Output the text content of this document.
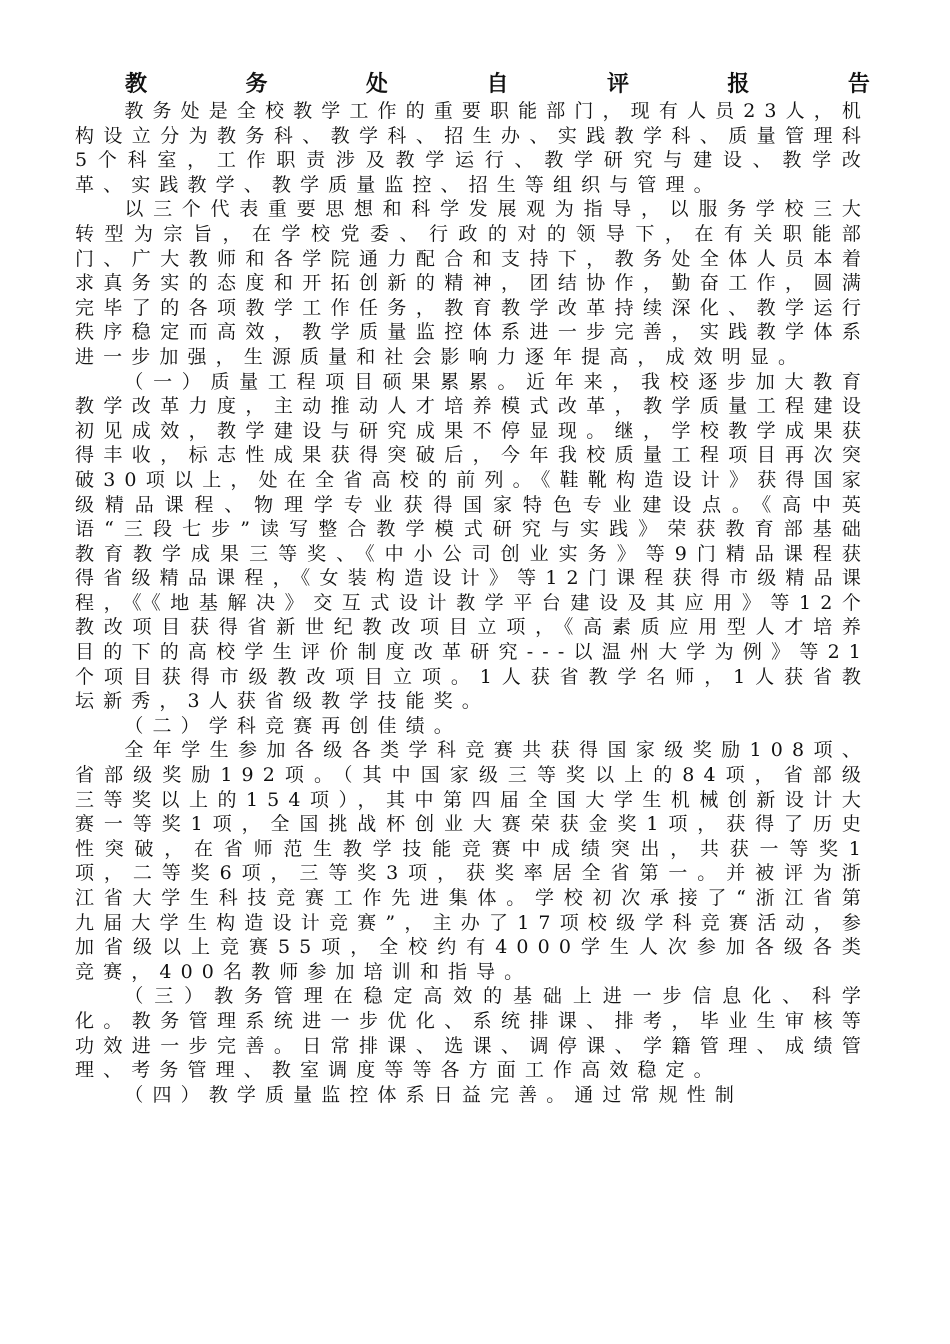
教	务	处	自	评	报	告

教务处是全校教学工作的重要职能部门，现有人员23人，机构设立分为教务科、教学科、招生办、实践教学科、质量管理科5个科室，工作职责涉及教学运行、教学研究与建设、教学改革、实践教学、教学质量监控、招生等组织与管理。

以三个代表重要思想和科学发展观为指导，以服务学校三大转型为宗旨，在学校党委、行政的对的领导下，在有关职能部门、广大教师和各学院通力配合和支持下，教务处全体人员本着求真务实的态度和开拓创新的精神，团结协作，勤奋工作，圆满完毕了的各项教学工作任务，教育教学改革持续深化、教学运行秩序稳定而高效，教学质量监控体系进一步完善，实践教学体系进一步加强，生源质量和社会影响力逐年提高，成效明显。

（一）质量工程项目硕果累累。近年来，我校逐步加大教育教学改革力度，主动推动人才培养模式改革，教学质量工程建设初见成效，教学建设与研究成果不停显现。继，学校教学成果获得丰收，标志性成果获得突破后，今年我校质量工程项目再次突破30项以上，处在全省高校的前列。《鞋靴构造设计》获得国家级精品课程、物理学专业获得国家特色专业建设点。《高中英语“三段七步”读写整合教学模式研究与实践》荣获教育部基础教育教学成果三等奖、《中小公司创业实务》等9门精品课程获得省级精品课程，《女装构造设计》等12门课程获得市级精品课程，《《地基解决》交互式设计教学平台建设及其应用》等12个教改项目获得省新世纪教改项目立项，《高素质应用型人才培养目的下的高校学生评价制度改革研究---以温州大学为例》等21个项目获得市级教改项目立项。1人获省教学名师，1人获省教坛新秀，3人获省级教学技能奖。

（二）学科竞赛再创佳绩。

全年学生参加各级各类学科竞赛共获得国家级奖励108项、省部级奖励192项。（其中国家级三等奖以上的84项，省部级三等奖以上的154项），其中第四届全国大学生机械创新设计大赛一等奖1项，全国挑战杯创业大赛荣获金奖1项，获得了历史性突破，在省师范生教学技能竞赛中成绩突出，共获一等奖1项，二等奖6项，三等奖3项，获奖率居全省第一。并被评为浙江省大学生科技竞赛工作先进集体。学校初次承接了“浙江省第九届大学生构造设计竞赛”，主办了17项校级学科竞赛活动，参加省级以上竞赛55项，全校约有4000学生人次参加各级各类竞赛，400名教师参加培训和指导。

（三）教务管理在稳定高效的基础上进一步信息化、科学化。教务管理系统进一步优化、系统排课、排考，毕业生审核等功效进一步完善。日常排课、选课、调停课、学籍管理、成绩管理、考务管理、教室调度等等各方面工作高效稳定。

（四）教学质量监控体系日益完善。通过常规性制
